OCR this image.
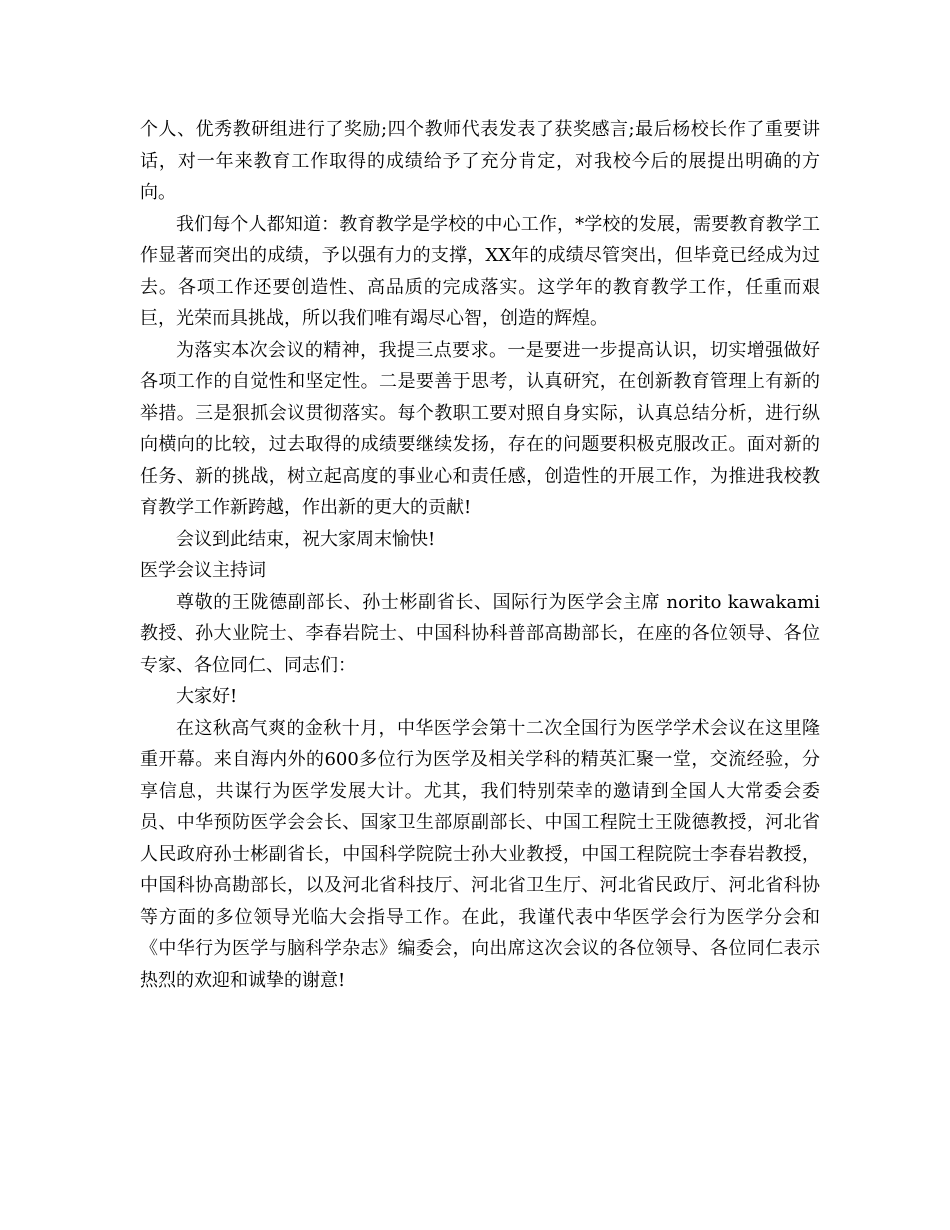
个人、优秀教研组进行了奖励;四个教师代表发表了获奖感言;最后杨校长作了重要讲话，对一年来教育工作取得的成绩给予了充分肯定，对我校今后的展提出明确的方向。

我们每个人都知道：教育教学是学校的中心工作，*学校的发展，需要教育教学工作显著而突出的成绩，予以强有力的支撑，XX年的成绩尽管突出，但毕竟已经成为过去。各项工作还要创造性、高品质的完成落实。这学年的教育教学工作，任重而艰巨，光荣而具挑战，所以我们唯有竭尽心智，创造的辉煌。

为落实本次会议的精神，我提三点要求。一是要进一步提高认识，切实增强做好各项工作的自觉性和坚定性。二是要善于思考，认真研究，在创新教育管理上有新的举措。三是狠抓会议贯彻落实。每个教职工要对照自身实际，认真总结分析，进行纵向横向的比较，过去取得的成绩要继续发扬，存在的问题要积极克服改正。面对新的任务、新的挑战，树立起高度的事业心和责任感，创造性的开展工作，为推进我校教育教学工作新跨越，作出新的更大的贡献!

会议到此结束，祝大家周末愉快!

医学会议主持词

尊敬的王陇德副部长、孙士彬副省长、国际行为医学会主席 norito kawakami 教授、孙大业院士、李春岩院士、中国科协科普部高勘部长，在座的各位领导、各位专家、各位同仁、同志们：

大家好!

在这秋高气爽的金秋十月，中华医学会第十二次全国行为医学学术会议在这里隆重开幕。来自海内外的600多位行为医学及相关学科的精英汇聚一堂，交流经验，分享信息，共谋行为医学发展大计。尤其，我们特别荣幸的邀请到全国人大常委会委员、中华预防医学会会长、国家卫生部原副部长、中国工程院士王陇德教授，河北省人民政府孙士彬副省长，中国科学院院士孙大业教授，中国工程院院士李春岩教授，中国科协高勘部长，以及河北省科技厅、河北省卫生厅、河北省民政厅、河北省科协等方面的多位领导光临大会指导工作。在此，我谨代表中华医学会行为医学分会和《中华行为医学与脑科学杂志》编委会，向出席这次会议的各位领导、各位同仁表示热烈的欢迎和诚挚的谢意!
